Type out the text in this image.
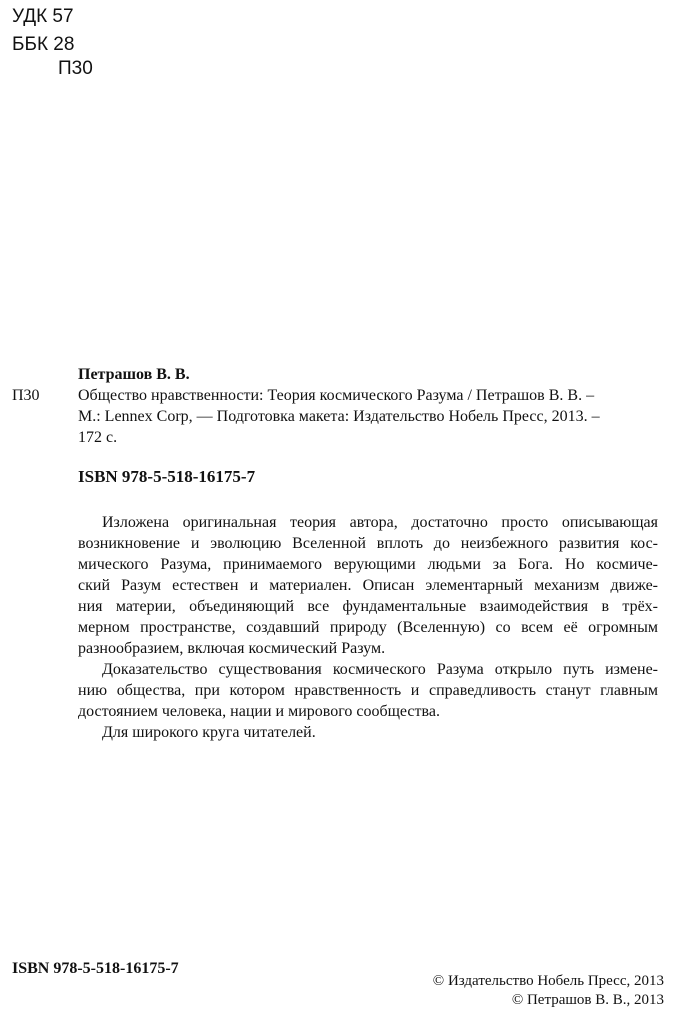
УДК 57
ББК 28
П30
Петрашов В. В.
П30 Общество нравственности: Теория космического Разума / Петрашов В. В. –
М.: Lennex Corp, — Подготовка макета: Издательство Нобель Пресс, 2013. –
172 с.
ISBN 978-5-518-16175-7
Изложена оригинальная теория автора, достаточно просто описывающая
возникновение и эволюцию Вселенной вплоть до неизбежного развития кос-
мического Разума, принимаемого верующими людьми за Бога. Но космиче-
ский Разум естествен и материален. Описан элементарный механизм движе-
ния материи, объединяющий все фундаментальные взаимодействия в трёх-
мерном пространстве, создавший природу (Вселенную) со всем её огромным
разнообразием, включая космический Разум.
Доказательство существования космического Разума открыло путь измене-
нию общества, при котором нравственность и справедливость станут главным
достоянием человека, нации и мирового сообщества.
Для широкого круга читателей.
ISBN 978-5-518-16175-7
© Издательство Нобель Пресс, 2013
© Петрашов В. В., 2013
